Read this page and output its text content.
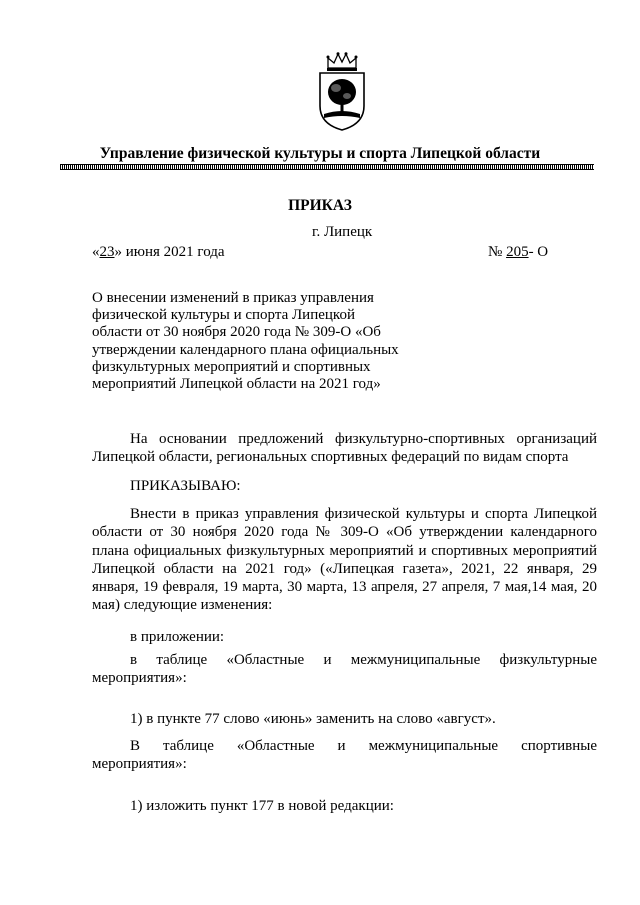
Управление физической культуры и спорта Липецкой области
ПРИКАЗ
г. Липецк
«23» июня 2021 года	№ 205- О
О внесении изменений в приказ управления физической культуры и спорта Липецкой области от 30 ноября 2020 года № 309-О «Об утверждении календарного плана официальных физкультурных мероприятий и спортивных мероприятий Липецкой области на 2021 год»
На основании предложений физкультурно-спортивных организаций Липецкой области, региональных спортивных федераций по видам спорта
ПРИКАЗЫВАЮ:
Внести в приказ управления физической культуры и спорта Липецкой области от 30 ноября 2020 года № 309-О «Об утверждении календарного плана официальных физкультурных мероприятий и спортивных мероприятий Липецкой области на 2021 год» («Липецкая газета», 2021, 22 января, 29 января, 19 февраля, 19 марта, 30 марта, 13 апреля, 27 апреля, 7 мая,14 мая, 20 мая) следующие изменения:
в приложении:
в таблице «Областные и межмуниципальные физкультурные мероприятия»:
1) в пункте 77 слово «июнь» заменить на слово «август».
В таблице «Областные и межмуниципальные спортивные мероприятия»:
1) изложить пункт 177 в новой редакции:
